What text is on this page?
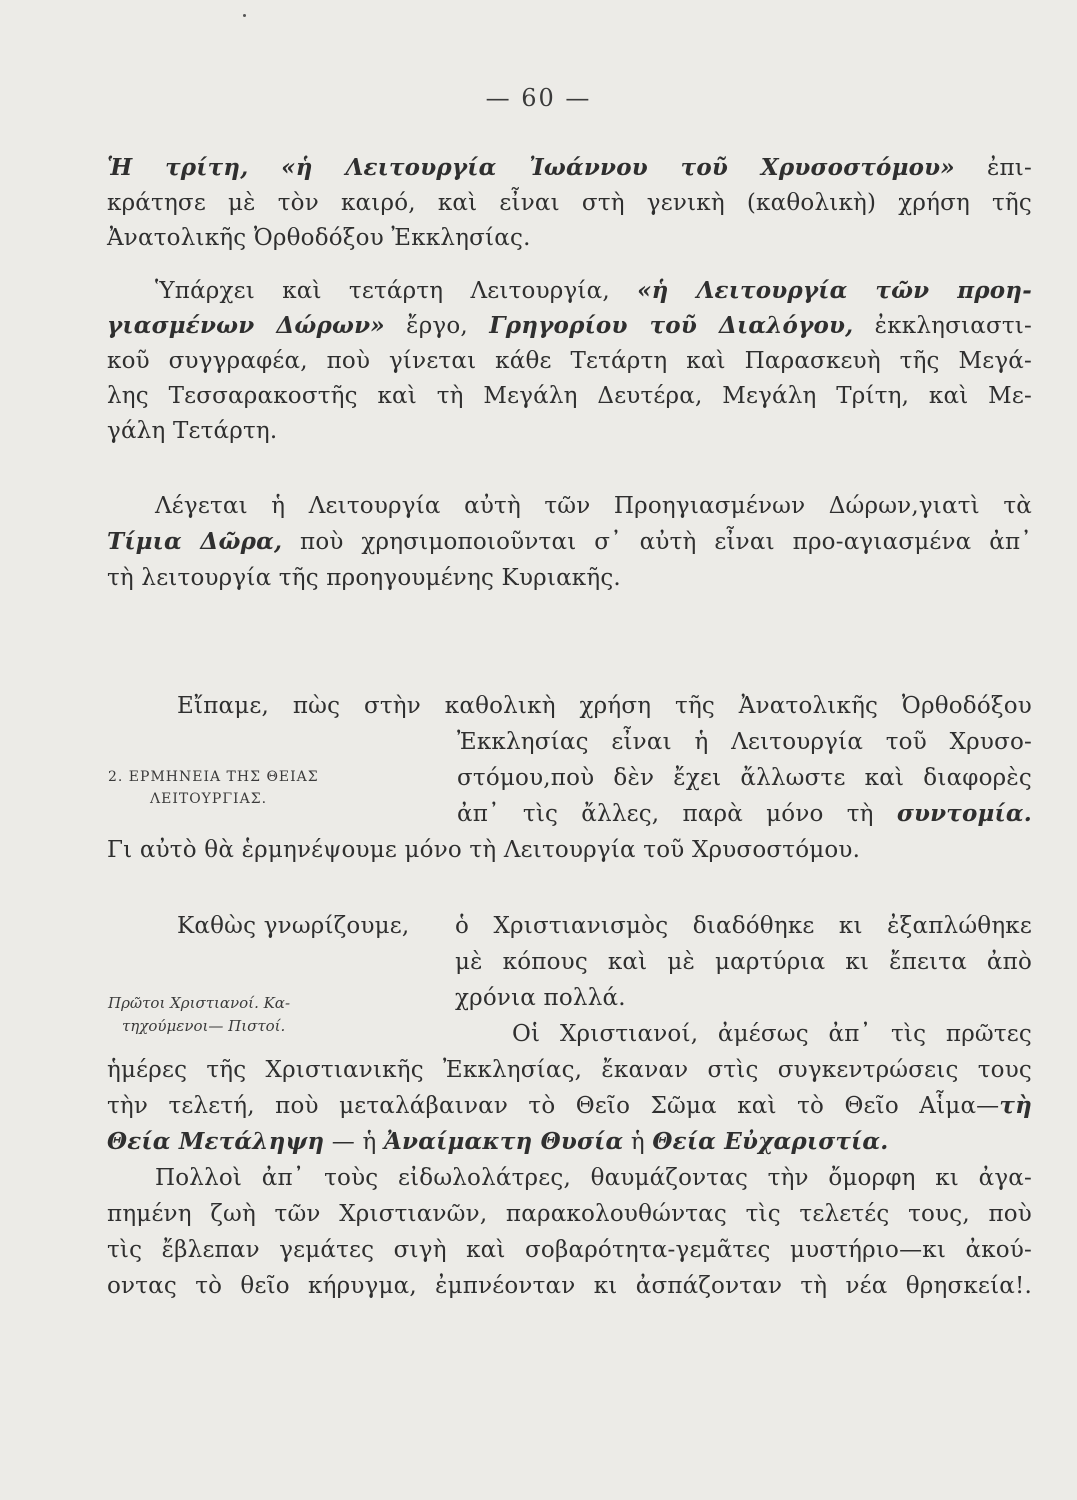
— 60 —
Ἡ τρίτη, «ἡ Λειτουργία Ἰωάννου τοῦ Χρυσοστόμου» ἐπι-
κράτησε μὲ τὸν καιρό, καὶ εἶναι στὴ γενικὴ (καθολικὴ) χρήση τῆς
Ἀνατολικῆς Ὀρθοδόξου Ἐκκλησίας.
Ὑπάρχει καὶ τετάρτη Λειτουργία, «ἡ Λειτουργία τῶν προη-
γιασμένων Δώρων» ἔργο, Γρηγορίου τοῦ Διαλόγου, ἐκκλησιαστι-
κοῦ συγγραφέα, ποὺ γίνεται κάθε Τετάρτη καὶ Παρασκευὴ τῆς Μεγά-
λης Τεσσαρακοστῆς καὶ τὴ Μεγάλη Δευτέρα, Μεγάλη Τρίτη, καὶ Με-
γάλη Τετάρτη.
Λέγεται ἡ Λειτουργία αὐτὴ τῶν Προηγιασμένων Δώρων,γιατὶ τὰ
Τίμια Δῶρα, ποὺ χρησιμοποιοῦνται σ᾽ αὐτὴ εἶναι προ-αγιασμένα ἀπ᾽
τὴ λειτουργία τῆς προηγουμένης Κυριακῆς.
Εἴπαμε, πὼς στὴν καθολικὴ χρήση τῆς Ἀνατολικῆς Ὀρθοδόξου
2. ΕΡΜΗΝΕΙΑ ΤΗΣ ΘΕΙΑΣ
ΛΕΙΤΟΥΡΓΙΑΣ.
Ἐκκλησίας εἶναι ἡ Λειτουργία τοῦ Χρυσο-
στόμου,ποὺ δὲν ἔχει ἄλλωστε καὶ διαφορὲς
ἀπ᾽ τὶς ἄλλες, παρὰ μόνο τὴ συντομία.
Γι αὐτὸ θὰ ἑρμηνέψουμε μόνο τὴ Λειτουργία τοῦ Χρυσοστόμου.
Καθὼς γνωρίζουμε, ὁ Χριστιανισμὸς διαδόθηκε κι ἐξαπλώθηκε
μὲ κόπους καὶ μὲ μαρτύρια κι ἔπειτα ἀπὸ
Πρῶτοι Χριστιανοί. Κα-
τηχούμενοι— Πιστοί.
χρόνια πολλά.
Οἱ Χριστιανοί, ἀμέσως ἀπ᾽ τὶς πρῶτες
ἡμέρες τῆς Χριστιανικῆς Ἐκκλησίας, ἔκαναν στὶς συγκεντρώσεις τους
τὴν τελετή, ποὺ μεταλάβαιναν τὸ Θεῖο Σῶμα καὶ τὸ Θεῖο Αἷμα—τὴ
Θεία Μετάληψη — ἡ Ἀναίμακτη Θυσία ἡ Θεία Εὐχαριστία.
Πολλοὶ ἀπ᾽ τοὺς εἰδωλολάτρες, θαυμάζοντας τὴν ὄμορφη κι ἀγα-
πημένη ζωὴ τῶν Χριστιανῶν, παρακολουθώντας τὶς τελετές τους, ποὺ
τὶς ἔβλεπαν γεμάτες σιγὴ καὶ σοβαρότητα-γεμᾶτες μυστήριο—κι ἀκού-
οντας τὸ θεῖο κήρυγμα, ἐμπνέονταν κι ἀσπάζονταν τὴ νέα θρησκεία!.
